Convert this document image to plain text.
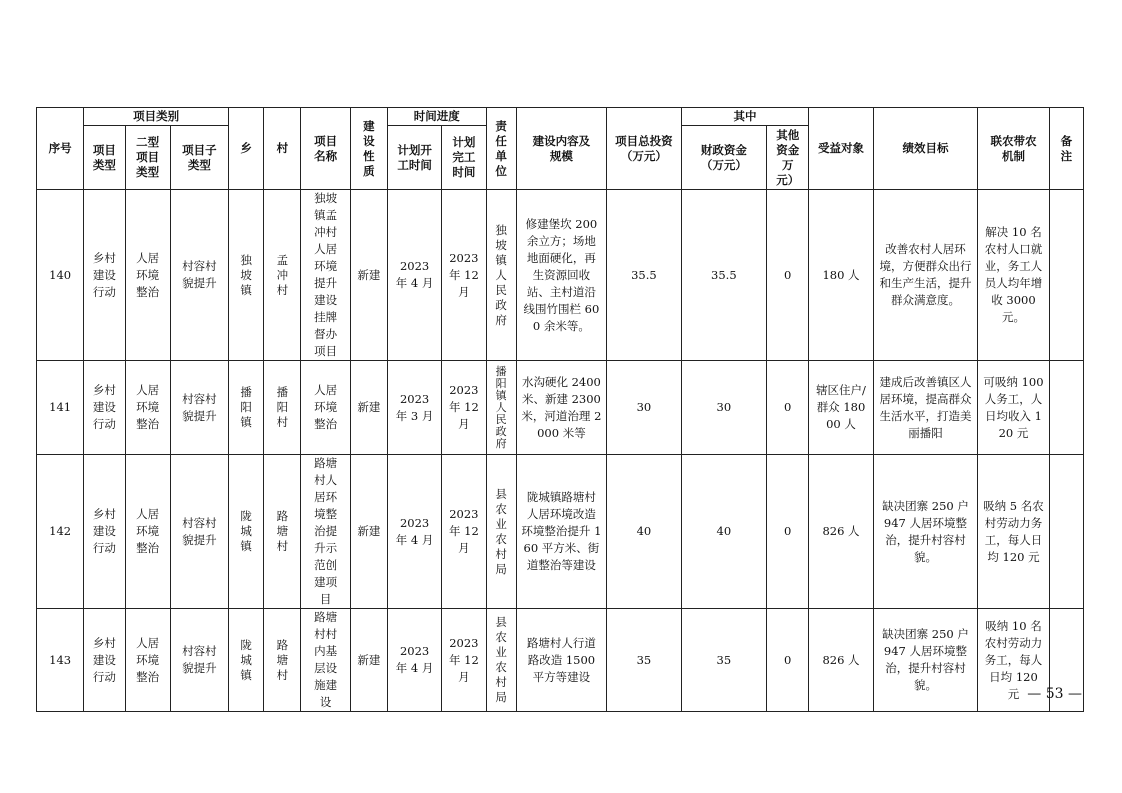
序号	项目类别			乡	村	项目名称	建设性质	时间进度		责任单位	建设内容及规模	项目总投资（万元）	其中		受益对象	绩效目标	联农带农机制	备注

	项目类型	二型项目类型	项目子类型					计划开工时间	计划完工时间				财政资金（万元）	其他资金万元）				

140	乡村建设行动	人居环境整治	村容村貌提升	独坡镇	孟冲村	独坡镇孟冲村人居环境提升建设挂牌督办项目	新建	2023 年 4 月	2023 年 12 月	独坡镇人民政府	修建堡坎 200 余立方；场地地面硬化，再生资源回收站、主村道沿线围竹围栏 600 余米等。	35.5	35.5	0	180 人	改善农村人居环境，方便群众出行和生产生活，提升群众满意度。	解决 10 名农村人口就业，务工人员人均年增收 3000 元。	

141	乡村建设行动	人居环境整治	村容村貌提升	播阳镇	播阳村	人居环境整治	新建	2023 年 3 月	2023 年 12 月	播阳镇人民政府	水沟硬化 2400 米、新建 2300 米，河道治理 2000 米等	30	30	0	辖区住户/群众 18000 人	建成后改善镇区人居环境，提高群众生活水平，打造美丽播阳	可吸纳 100 人务工，人日均收入 120 元	

142	乡村建设行动	人居环境整治	村容村貌提升	陇城镇	路塘村	路塘村人居环境整治提升示范创建项目	新建	2023 年 4 月	2023 年 12 月	县农业农村局	陇城镇路塘村人居环境改造环境整治提升 160 平方米、街道整治等建设	40	40	0	826 人	缺决团寨 250 户 947 人居环境整治，提升村容村貌。	吸纳 5 名农村劳动力务工，每人日均 120 元	

143	乡村建设行动	人居环境整治	村容村貌提升	陇城镇	路塘村	路塘村村内基层设施建设	新建	2023 年 4 月	2023 年 12 月	县农业农村局	路塘村人行道路改造 1500 平方等建设	35	35	0	826 人	缺决团寨 250 户 947 人居环境整治，提升村容村貌。	吸纳 10 名农村劳动力务工，每人日均 120 元	
	— 53 —
